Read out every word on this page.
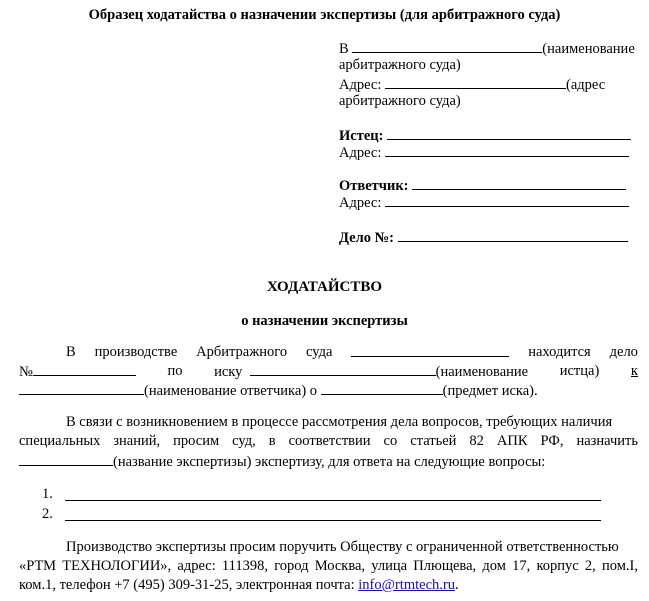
Образец ходатайства о назначении экспертизы (для арбитражного суда)
В	(наименование
арбитражного суда)
Адрес:	(адрес
арбитражного суда)
Истец:
Адрес:
Ответчик:
Адрес:
Дело №:
ХОДАТАЙСТВО
о назначении экспертизы
В производстве Арбитражного суда	находится дело
№	по иску	(наименование истца) к
(наименование ответчика) о	(предмет иска).
В связи с возникновением в процессе рассмотрения дела вопросов, требующих наличия
специальных знаний, просим суд, в соответствии со статьей 82 АПК РФ, назначить
(название экспертизы) экспертизу, для ответа на следующие вопросы:
1.
2.
Производство экспертизы просим поручить Обществу с ограниченной ответственностью
«РТМ ТЕХНОЛОГИИ», адрес: 111398, город Москва, улица Плющева, дом 17, корпус 2, пом.I,
ком.1, телефон +7 (495) 309-31-25, электронная почта: info@rtmtech.ru.
